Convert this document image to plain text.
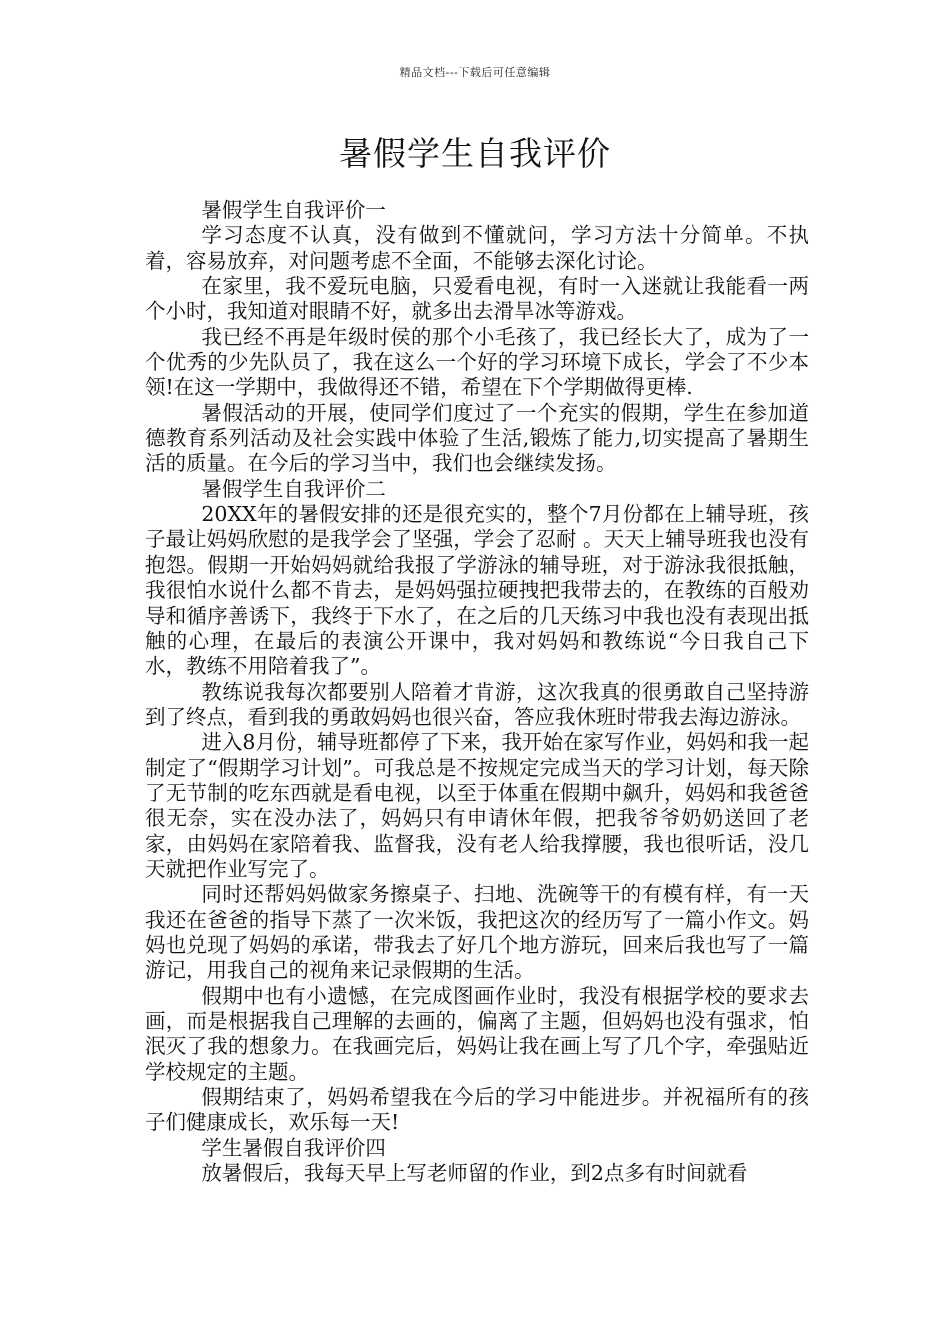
精品文档---下载后可任意编辑
暑假学生自我评价

暑假学生自我评价一

学习态度不认真，没有做到不懂就问，学习方法十分简单。不执着，容易放弃，对问题考虑不全面，不能够去深化讨论。

在家里，我不爱玩电脑，只爱看电视，有时一入迷就让我能看一两个小时，我知道对眼睛不好，就多出去滑旱冰等游戏。

我已经不再是年级时侯的那个小毛孩了，我已经长大了，成为了一个优秀的少先队员了，我在这么一个好的学习环境下成长，学会了不少本领!在这一学期中，我做得还不错，希望在下个学期做得更棒.

暑假活动的开展，使同学们度过了一个充实的假期，学生在参加道德教育系列活动及社会实践中体验了生活,锻炼了能力,切实提高了暑期生活的质量。在今后的学习当中，我们也会继续发扬。

暑假学生自我评价二

20XX年的暑假安排的还是很充实的，整个7月份都在上辅导班，孩子最让妈妈欣慰的是我学会了坚强，学会了忍耐 。天天上辅导班我也没有抱怨。假期一开始妈妈就给我报了学游泳的辅导班，对于游泳我很抵触，我很怕水说什么都不肯去，是妈妈强拉硬拽把我带去的，在教练的百般劝导和循序善诱下，我终于下水了，在之后的几天练习中我也没有表现出抵触的心理，在最后的表演公开课中，我对妈妈和教练说“今日我自己下水，教练不用陪着我了”。

教练说我每次都要别人陪着才肯游，这次我真的很勇敢自己坚持游到了终点，看到我的勇敢妈妈也很兴奋，答应我休班时带我去海边游泳。

进入8月份，辅导班都停了下来，我开始在家写作业，妈妈和我一起制定了“假期学习计划”。可我总是不按规定完成当天的学习计划，每天除了无节制的吃东西就是看电视，以至于体重在假期中飙升，妈妈和我爸爸很无奈，实在没办法了，妈妈只有申请休年假，把我爷爷奶奶送回了老家，由妈妈在家陪着我、监督我，没有老人给我撑腰，我也很听话，没几天就把作业写完了。

同时还帮妈妈做家务擦桌子、扫地、洗碗等干的有模有样，有一天我还在爸爸的指导下蒸了一次米饭，我把这次的经历写了一篇小作文。妈妈也兑现了妈妈的承诺，带我去了好几个地方游玩，回来后我也写了一篇游记，用我自己的视角来记录假期的生活。

假期中也有小遗憾，在完成图画作业时，我没有根据学校的要求去画，而是根据我自己理解的去画的，偏离了主题，但妈妈也没有强求，怕泯灭了我的想象力。在我画完后，妈妈让我在画上写了几个字，牵强贴近学校规定的主题。

假期结束了，妈妈希望我在今后的学习中能进步。并祝福所有的孩子们健康成长，欢乐每一天!

学生暑假自我评价四

放暑假后，我每天早上写老师留的作业，到2点多有时间就看
